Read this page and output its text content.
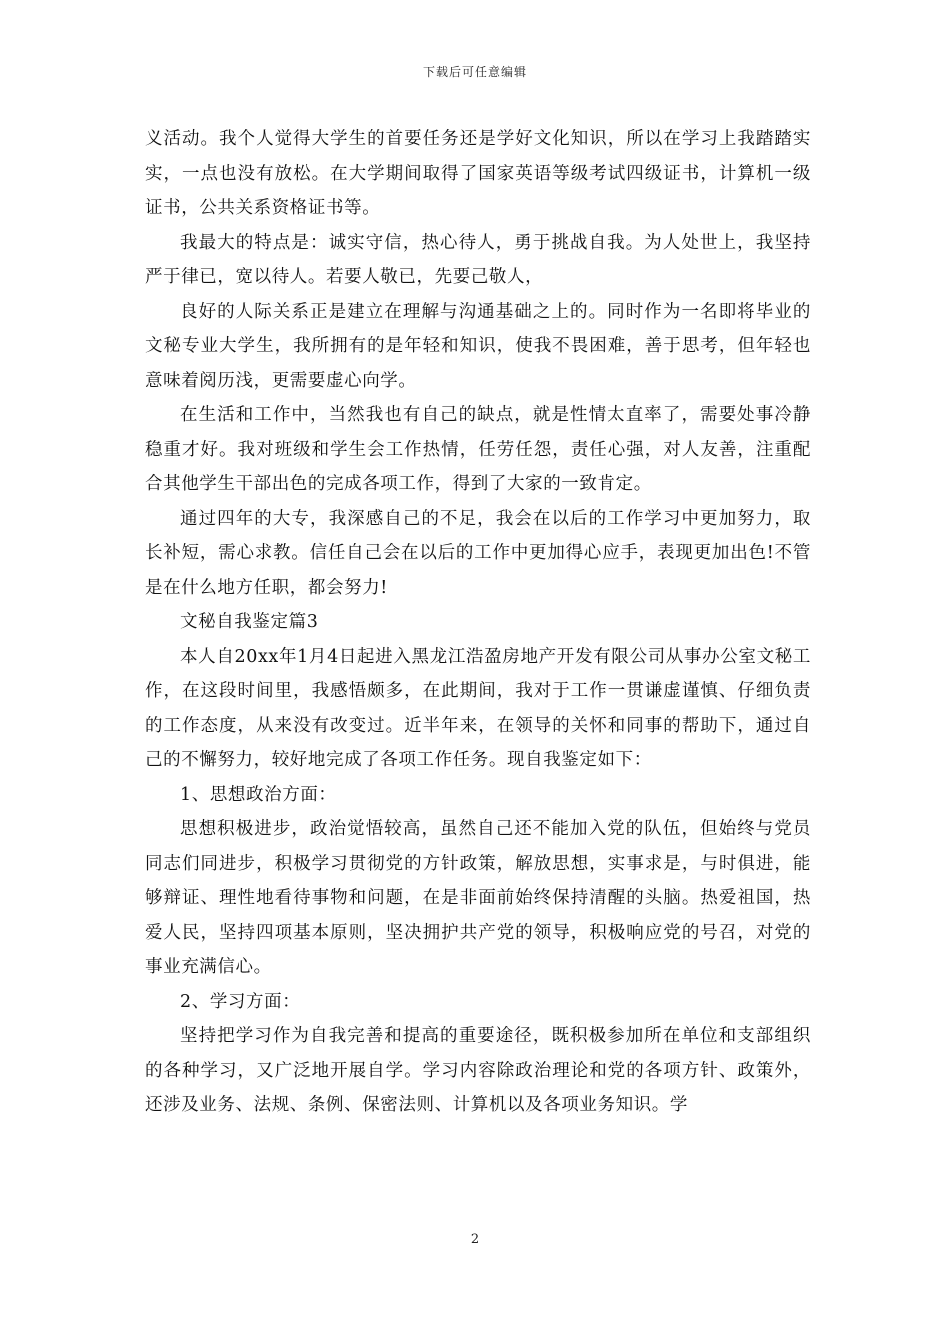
下载后可任意编辑

义活动。我个人觉得大学生的首要任务还是学好文化知识，所以在学习上我踏踏实实，一点也没有放松。在大学期间取得了国家英语等级考试四级证书，计算机一级证书，公共关系资格证书等。

我最大的特点是：诚实守信，热心待人，勇于挑战自我。为人处世上，我坚持严于律已，宽以待人。若要人敬已，先要己敬人，

良好的人际关系正是建立在理解与沟通基础之上的。同时作为一名即将毕业的文秘专业大学生，我所拥有的是年轻和知识，使我不畏困难，善于思考，但年轻也意味着阅历浅，更需要虚心向学。

在生活和工作中，当然我也有自己的缺点，就是性情太直率了，需要处事冷静稳重才好。我对班级和学生会工作热情，任劳任怨，责任心强，对人友善，注重配合其他学生干部出色的完成各项工作，得到了大家的一致肯定。

通过四年的大专，我深感自己的不足，我会在以后的工作学习中更加努力，取长补短，需心求教。信任自己会在以后的工作中更加得心应手，表现更加出色!不管是在什么地方任职，都会努力!

文秘自我鉴定篇3

本人自20xx年1月4日起进入黑龙江浩盈房地产开发有限公司从事办公室文秘工作，在这段时间里，我感悟颇多，在此期间，我对于工作一贯谦虚谨慎、仔细负责的工作态度，从来没有改变过。近半年来，在领导的关怀和同事的帮助下，通过自己的不懈努力，较好地完成了各项工作任务。现自我鉴定如下：

1、思想政治方面：

思想积极进步，政治觉悟较高，虽然自己还不能加入党的队伍，但始终与党员同志们同进步，积极学习贯彻党的方针政策，解放思想，实事求是，与时俱进，能够辩证、理性地看待事物和问题，在是非面前始终保持清醒的头脑。热爱祖国，热爱人民，坚持四项基本原则，坚决拥护共产党的领导，积极响应党的号召，对党的事业充满信心。

2、学习方面：

坚持把学习作为自我完善和提高的重要途径，既积极参加所在单位和支部组织的各种学习，又广泛地开展自学。学习内容除政治理论和党的各项方针、政策外，还涉及业务、法规、条例、保密法则、计算机以及各项业务知识。学

2
